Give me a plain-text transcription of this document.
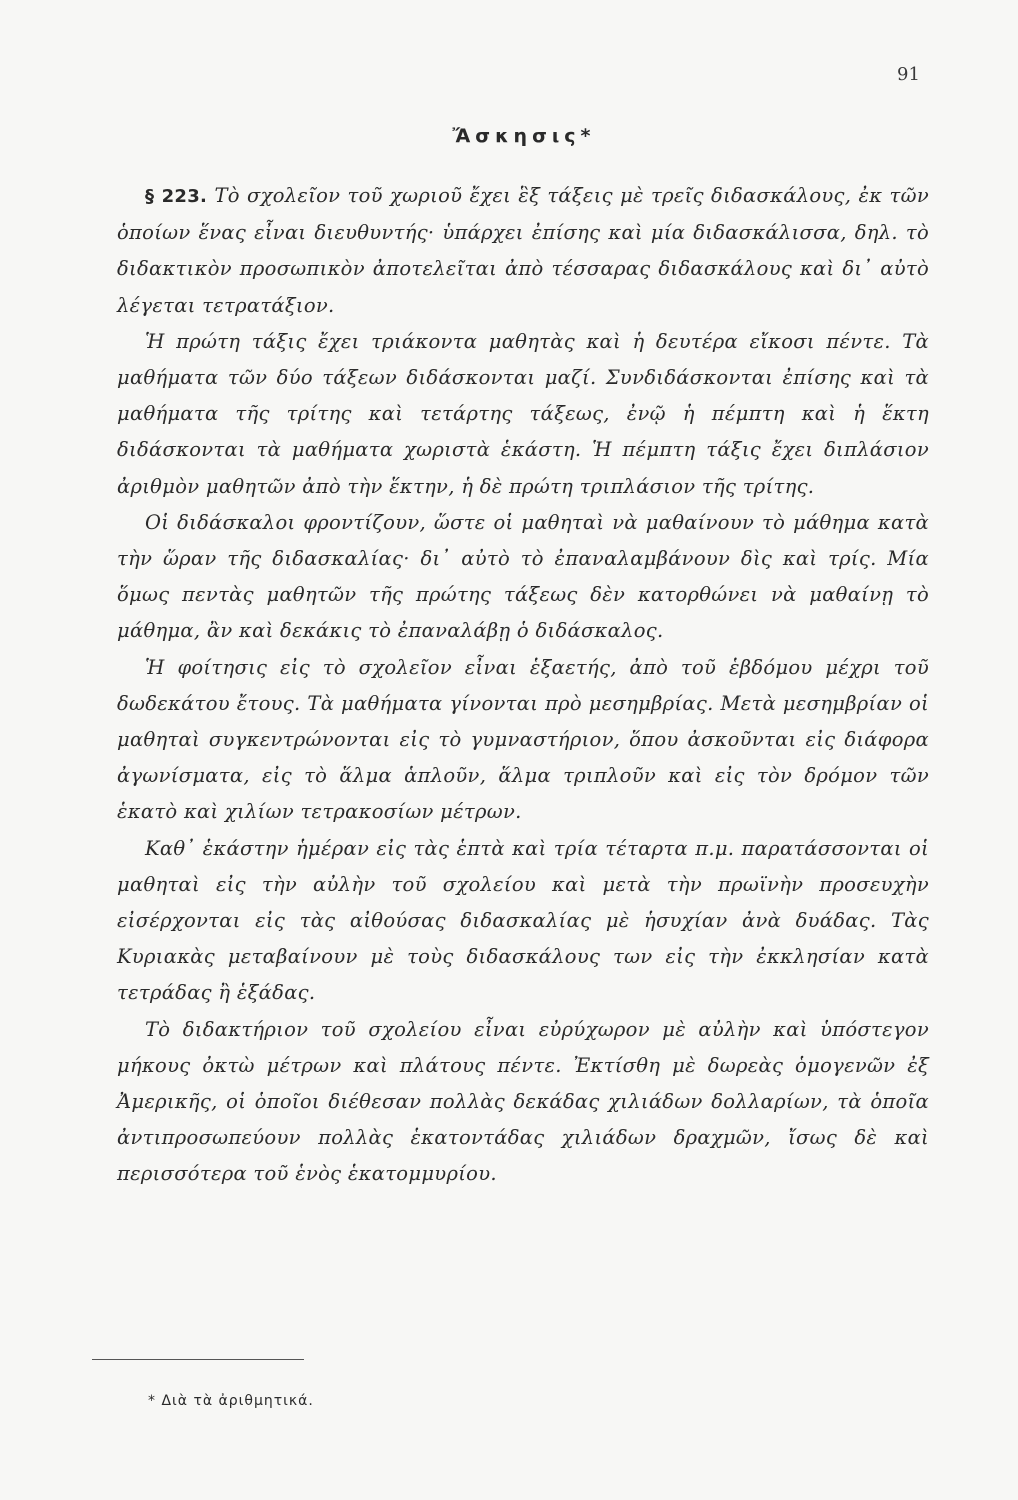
91
Ἄσκησις*

§ 223. Τὸ σχολεῖον τοῦ χωριοῦ ἔχει ἓξ τάξεις μὲ τρεῖς διδασκάλους, ἐκ τῶν ὁποίων ἕνας εἶναι διευθυντής· ὑπάρχει ἐπίσης καὶ μία διδασκάλισσα, δηλ. τὸ διδακτικὸν προσωπικὸν ἀποτελεῖται ἀπὸ τέσσαρας διδασκάλους καὶ δι᾽ αὐτὸ λέγεται τετρατάξιον.

Ἡ πρώτη τάξις ἔχει τριάκοντα μαθητὰς καὶ ἡ δευτέρα εἴκοσι πέντε. Τὰ μαθήματα τῶν δύο τάξεων διδάσκονται μαζί. Συνδιδάσκονται ἐπίσης καὶ τὰ μαθήματα τῆς τρίτης καὶ τετάρτης τάξεως, ἐνῷ ἡ πέμπτη καὶ ἡ ἕκτη διδάσκονται τὰ μαθήματα χωριστὰ ἑκάστη. Ἡ πέμπτη τάξις ἔχει διπλάσιον ἀριθμὸν μαθητῶν ἀπὸ τὴν ἕκτην, ἡ δὲ πρώτη τριπλάσιον τῆς τρίτης.

Οἱ διδάσκαλοι φροντίζουν, ὥστε οἱ μαθηταὶ νὰ μαθαίνουν τὸ μάθημα κατὰ τὴν ὥραν τῆς διδασκαλίας· δι᾽ αὐτὸ τὸ ἐπαναλαμβάνουν δὶς καὶ τρίς. Μία ὅμως πεντὰς μαθητῶν τῆς πρώτης τάξεως δὲν κατορθώνει νὰ μαθαίνῃ τὸ μάθημα, ἂν καὶ δεκάκις τὸ ἐπαναλάβῃ ὁ διδάσκαλος.

Ἡ φοίτησις εἰς τὸ σχολεῖον εἶναι ἑξαετής, ἀπὸ τοῦ ἑβδόμου μέχρι τοῦ δωδεκάτου ἔτους. Τὰ μαθήματα γίνονται πρὸ μεσημβρίας. Μετὰ μεσημβρίαν οἱ μαθηταὶ συγκεντρώνονται εἰς τὸ γυμναστήριον, ὅπου ἀσκοῦνται εἰς διάφορα ἀγωνίσματα, εἰς τὸ ἅλμα ἁπλοῦν, ἅλμα τριπλοῦν καὶ εἰς τὸν δρόμον τῶν ἑκατὸ καὶ χιλίων τετρακοσίων μέτρων.

Καθ᾽ ἑκάστην ἡμέραν εἰς τὰς ἑπτὰ καὶ τρία τέταρτα π.μ. παρατάσσονται οἱ μαθηταὶ εἰς τὴν αὐλὴν τοῦ σχολείου καὶ μετὰ τὴν πρωϊνὴν προσευχὴν εἰσέρχονται εἰς τὰς αἰθούσας διδασκαλίας μὲ ἡσυχίαν ἀνὰ δυάδας. Τὰς Κυριακὰς μεταβαίνουν μὲ τοὺς διδασκάλους των εἰς τὴν ἐκκλησίαν κατὰ τετράδας ἢ ἑξάδας.

Τὸ διδακτήριον τοῦ σχολείου εἶναι εὐρύχωρον μὲ αὐλὴν καὶ ὑπόστεγον μήκους ὀκτὼ μέτρων καὶ πλάτους πέντε. Ἐκτίσθη μὲ δωρεὰς ὁμογενῶν ἐξ Ἀμερικῆς, οἱ ὁποῖοι διέθεσαν πολλὰς δεκάδας χιλιάδων δολλαρίων, τὰ ὁποῖα ἀντιπροσωπεύουν πολλὰς ἑκατοντάδας χιλιάδων δραχμῶν, ἴσως δὲ καὶ περισσότερα τοῦ ἑνὸς ἑκατομμυρίου.

* Διὰ τὰ ἀριθμητικά.
